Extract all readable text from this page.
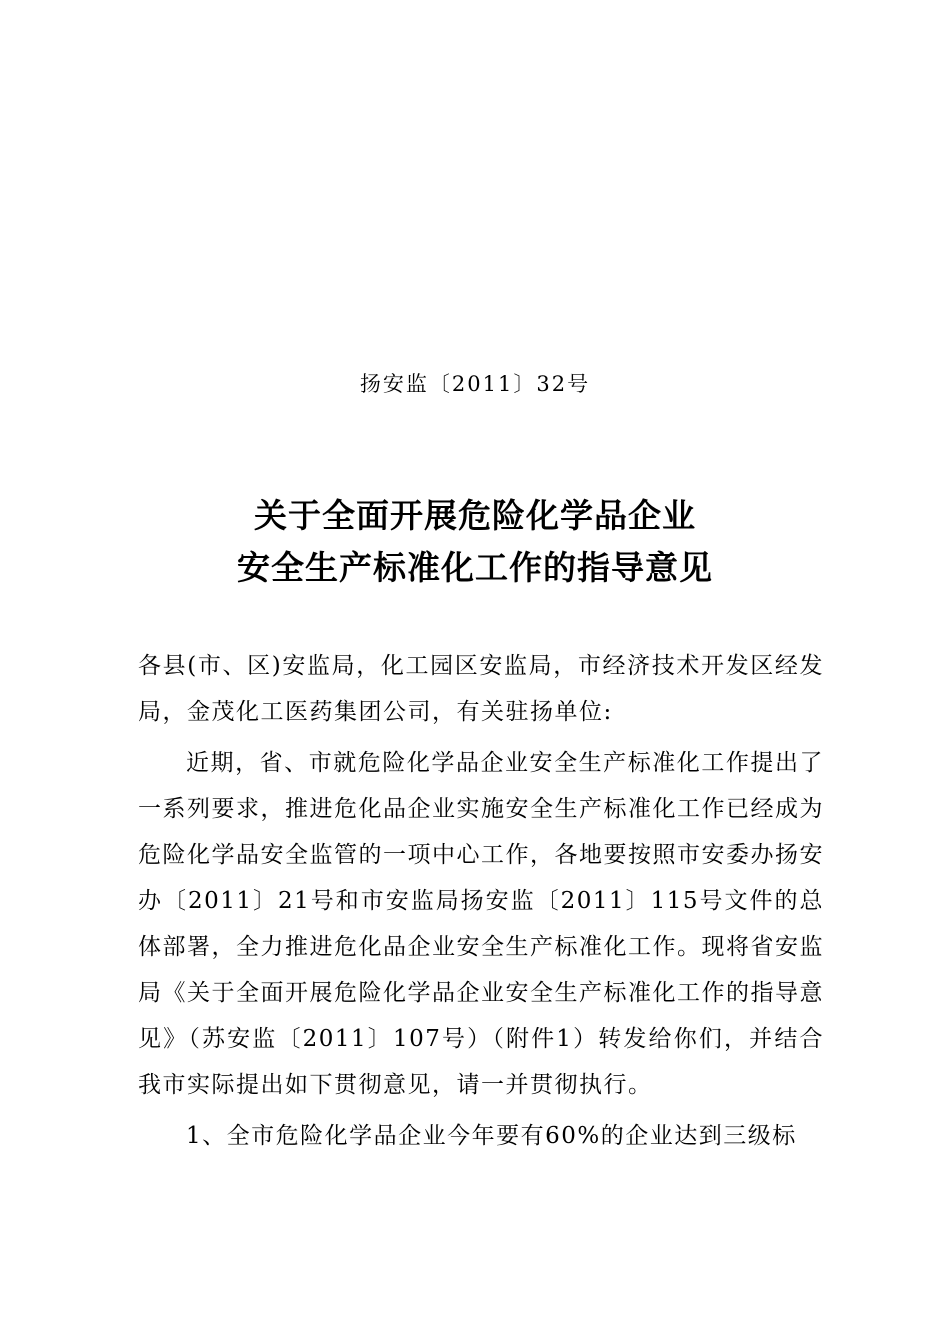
扬安监〔2011〕32号
关于全面开展危险化学品企业
安全生产标准化工作的指导意见

各县(市、区)安监局，化工园区安监局，市经济技术开发区经发局，金茂化工医药集团公司，有关驻扬单位:

近期，省、市就危险化学品企业安全生产标准化工作提出了一系列要求，推进危化品企业实施安全生产标准化工作已经成为危险化学品安全监管的一项中心工作，各地要按照市安委办扬安办〔2011〕21号和市安监局扬安监〔2011〕115号文件的总体部署，全力推进危化品企业安全生产标准化工作。现将省安监局《关于全面开展危险化学品企业安全生产标准化工作的指导意见》（苏安监〔2011〕107号）（附件1）转发给你们，并结合我市实际提出如下贯彻意见，请一并贯彻执行。

1、全市危险化学品企业今年要有60%的企业达到三级标
